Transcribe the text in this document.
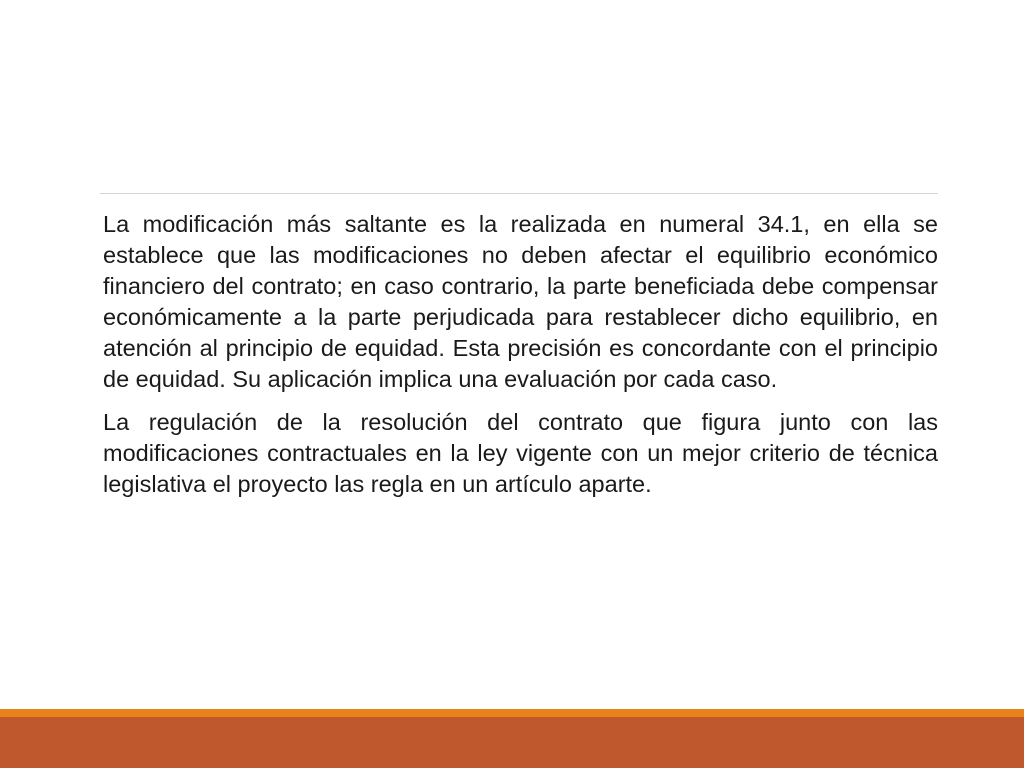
La modificación más saltante es la realizada en numeral 34.1, en ella se establece que las modificaciones no deben afectar el equilibrio económico financiero del contrato; en caso contrario, la parte beneficiada debe compensar económicamente a la parte perjudicada para restablecer dicho equilibrio, en atención al principio de equidad. Esta precisión es concordante con el principio de equidad. Su aplicación implica una evaluación por cada caso.

La regulación de la resolución del contrato que figura junto con las modificaciones contractuales en la ley vigente con un mejor criterio de técnica legislativa el proyecto las regla en un artículo aparte.
